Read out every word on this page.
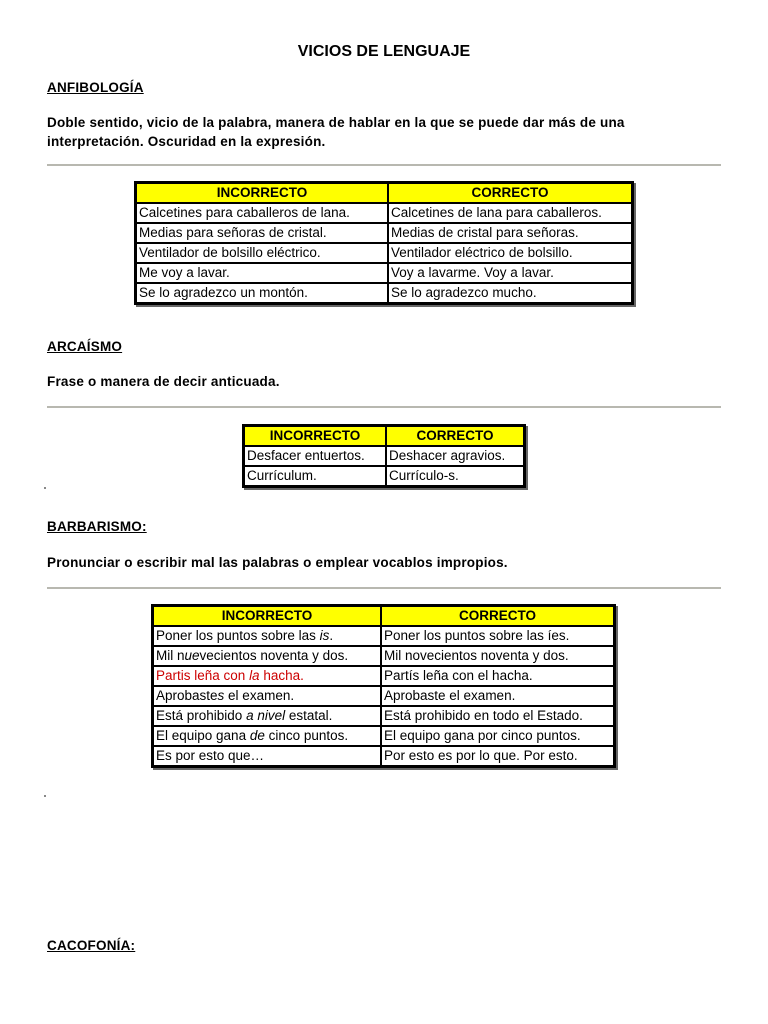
VICIOS DE LENGUAJE
ANFIBOLOGÍA
Doble sentido, vicio de la palabra, manera de hablar en la que se puede dar más de una
interpretación. Oscuridad en la expresión.
INCORRECTO	CORRECTO
Calcetines para caballeros de lana.	Calcetines de lana para caballeros.
Medias para señoras de cristal.	Medias de cristal para señoras.
Ventilador de bolsillo eléctrico.	Ventilador eléctrico de bolsillo.
Me voy a lavar.	Voy a lavarme. Voy a lavar.
Se lo agradezco un montón.	Se lo agradezco mucho.
ARCAÍSMO
Frase o manera de decir anticuada.
INCORRECTO	CORRECTO
Desfacer entuertos.	Deshacer agravios.
Currículum.	Currículo-s.
BARBARISMO:
Pronunciar o escribir mal las palabras o emplear vocablos impropios.
INCORRECTO	CORRECTO
Poner los puntos sobre las is.	Poner los puntos sobre las íes.
Mil nuevecientos noventa y dos.	Mil novecientos noventa y dos.
Partis leña con la hacha.	Partís leña con el hacha.
Aprobastes el examen.	Aprobaste el examen.
Está prohibido a nivel estatal.	Está prohibido en todo el Estado.
El equipo gana de cinco puntos.	El equipo gana por cinco puntos.
Es por esto que…	Por esto es por lo que. Por esto.
CACOFONÍA:
